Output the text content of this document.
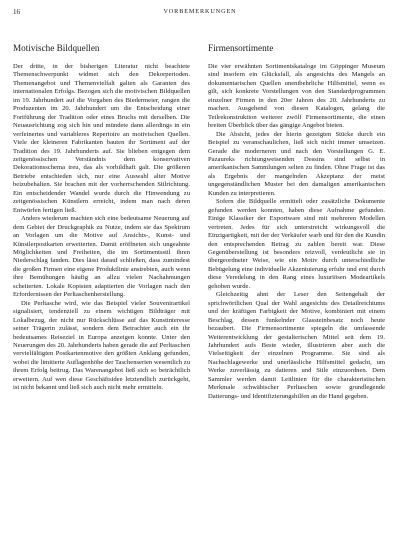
16	VORBEMERKUNGEN
Motivische Bildquellen

Der dritte, in der bisherigen Literatur nicht beachtete Themenschwerpunkt widmet sich den Dekorperioden. Themenangebot und Themenvielfalt galten als Garanten des internationalen Erfolgs. Bezogen sich die motivischen Bildquellen im 19. Jahrhundert auf die Vorgaben des Biedermeier, rangen die Produzenten im 20. Jahrhundert um die Entscheidung einer Fortführung der Tradition oder eines Bruchs mit derselben. Die Neuausrichtung zog sich hin und mündete dann allerdings in ein verfeinertes und variableres Repertoire an motivischen Quellen. Viele der kleineren Fabrikanten bauten ihr Sortiment auf der Tradition des 19. Jahrhunderts auf. Sie blieben entgegen dem zeitgenössischen Verständnis dem konservativen Dekorationsschema treu, das als vorbildhaft galt. Die größeren Betriebe entschieden sich, nur eine Auswahl alter Motive beizubehalten. Sie brachen mit der vorherrschenden Stilrichtung. Ein entscheidender Wandel wurde durch die Hinwendung zu zeitgenössischen Künstlern erreicht, indem man nach deren Entwürfen fertigen ließ.

Anders wiederum machten sich eine bedeutsame Neuerung auf dem Gebiet der Druckgraphik zu Nutze, indem sie das Spektrum an Vorlagen um die Motive auf Ansichts-, Kunst- und Künstlerpostkarten erweiterten. Damit eröffneten sich ungeahnte Möglichkeiten und Freiheiten, die im Sortimentsstil ihren Niederschlag fanden. Dies lässt darauf schließen, dass zumindest die großen Firmen eine eigene Produktlinie anstrebten, auch wenn ihre Bemühungen häufig an allzu vielen Nachahmungen scheiterten. Lokale Kopisten adaptierten die Vorlagen nach den Erfordernissen der Perltaschenherstellung.

Die Perltasche wird, wie das Beispiel vieler Souvenirartikel signalisiert, tendenziell zu einem wichtigen Bildträger mit Lokalbezug, der nicht nur Rückschlüsse auf das Kunstinteresse seiner Trägerin zulässt, sondern dem Betrachter auch ein ihr bedeutsames Reiseziel in Europa anzeigen konnte. Unter den Neuerungen des 20. Jahrhunderts haben gerade die auf Perltaschen vervielfältigten Postkartenmotive den größten Anklang gefunden, wobei die limitierte Auflagenhöhe der Taschenserien wesentlich zu ihrem Erfolg beitrug. Das Warenangebot ließ sich so beträchtlich erweitern. Auf wen diese Geschäftsidee letztendlich zurückgeht, ist nicht bekannt und ließ sich auch nicht mehr ermitteln.

Firmensortimente

Die vier erwähnten Sortimentskataloge im Göppinger Museum sind insofern ein Glücksfall, als angesichts des Mangels an dokumentarischen Quellen unentbehrliche Hilfsmittel, wenn es gilt, sich konkrete Vorstellungen von den Standardprogrammen einzelner Firmen in den 20er Jahren des 20. Jahrhunderts zu machen. Ausgehend von diesen Katalogen, gelang die Teilrekonstruktion weiterer zwölf Firmensortimente, die einen breiten Überblick über das gängige Angebot bieten.

Die Absicht, jedes der hierin gezeigten Stücke durch ein Beispiel zu veranschaulichen, ließ sich nicht immer umsetzen. Gerade die moderneren und nach den Vorstellungen G. E. Pazaureks richtungweisenden Dessins sind selbst in amerikanischen Sammlungen selten zu finden. Ohne Frage ist das als Ergebnis der mangelnden Akzeptanz der meist ungegenständlichen Muster bei den damaligen amerikanischen Kunden zu interpretieren.

Sofern die Bildquelle ermittelt oder zusätzliche Dokumente gefunden werden konnten, haben diese Aufnahme gefunden. Einige Klassiker der Exportware sind mit mehreren Modellen vertreten. Jedes für sich unterstreicht wirkungsvoll die Einzigartigkeit, mit der der Verkäufer warb und für den die Kundin den entsprechenden Betrag zu zahlen bereit war. Diese Gegenüberstellung ist besonders reizvoll, verdeutlicht sie in übergeordneter Weise, wie ein Motiv durch unterschiedliche Bebügelung eine individuelle Akzentuierung erfuhr und erst durch diese Veredelung in den Rang eines luxuriösen Modeartikels gehoben wurde.

Gleichzeitig ahnt der Leser den Seitengehalt der sprichwörtlichen Qual der Wahl angesichts des Detailreichtums und der kräftigen Farbigkeit der Motive, kombiniert mit einem Beschlag, dessen funkelnder Glassteinbesatz noch heute bezaubert. Die Firmensortimente spiegeln die umfassende Weiterentwicklung der gestalterischen Mittel seit dem 19. Jahrhundert aufs Beste wieder, illustrieren aber auch die Vielseitigkeit der einzelnen Programme. Sie sind als Nachschlagewerke und unerlässliche Hilfsmittel gedacht, um Werke zuverlässig zu datieren und Stile einzuordnen. Dem Sammler werden damit Leitlinien für die charakteristischen Merkmale schwäbischer Perltaschen sowie grundlegende Datierungs- und Identifizierungshilfen an die Hand gegeben.
